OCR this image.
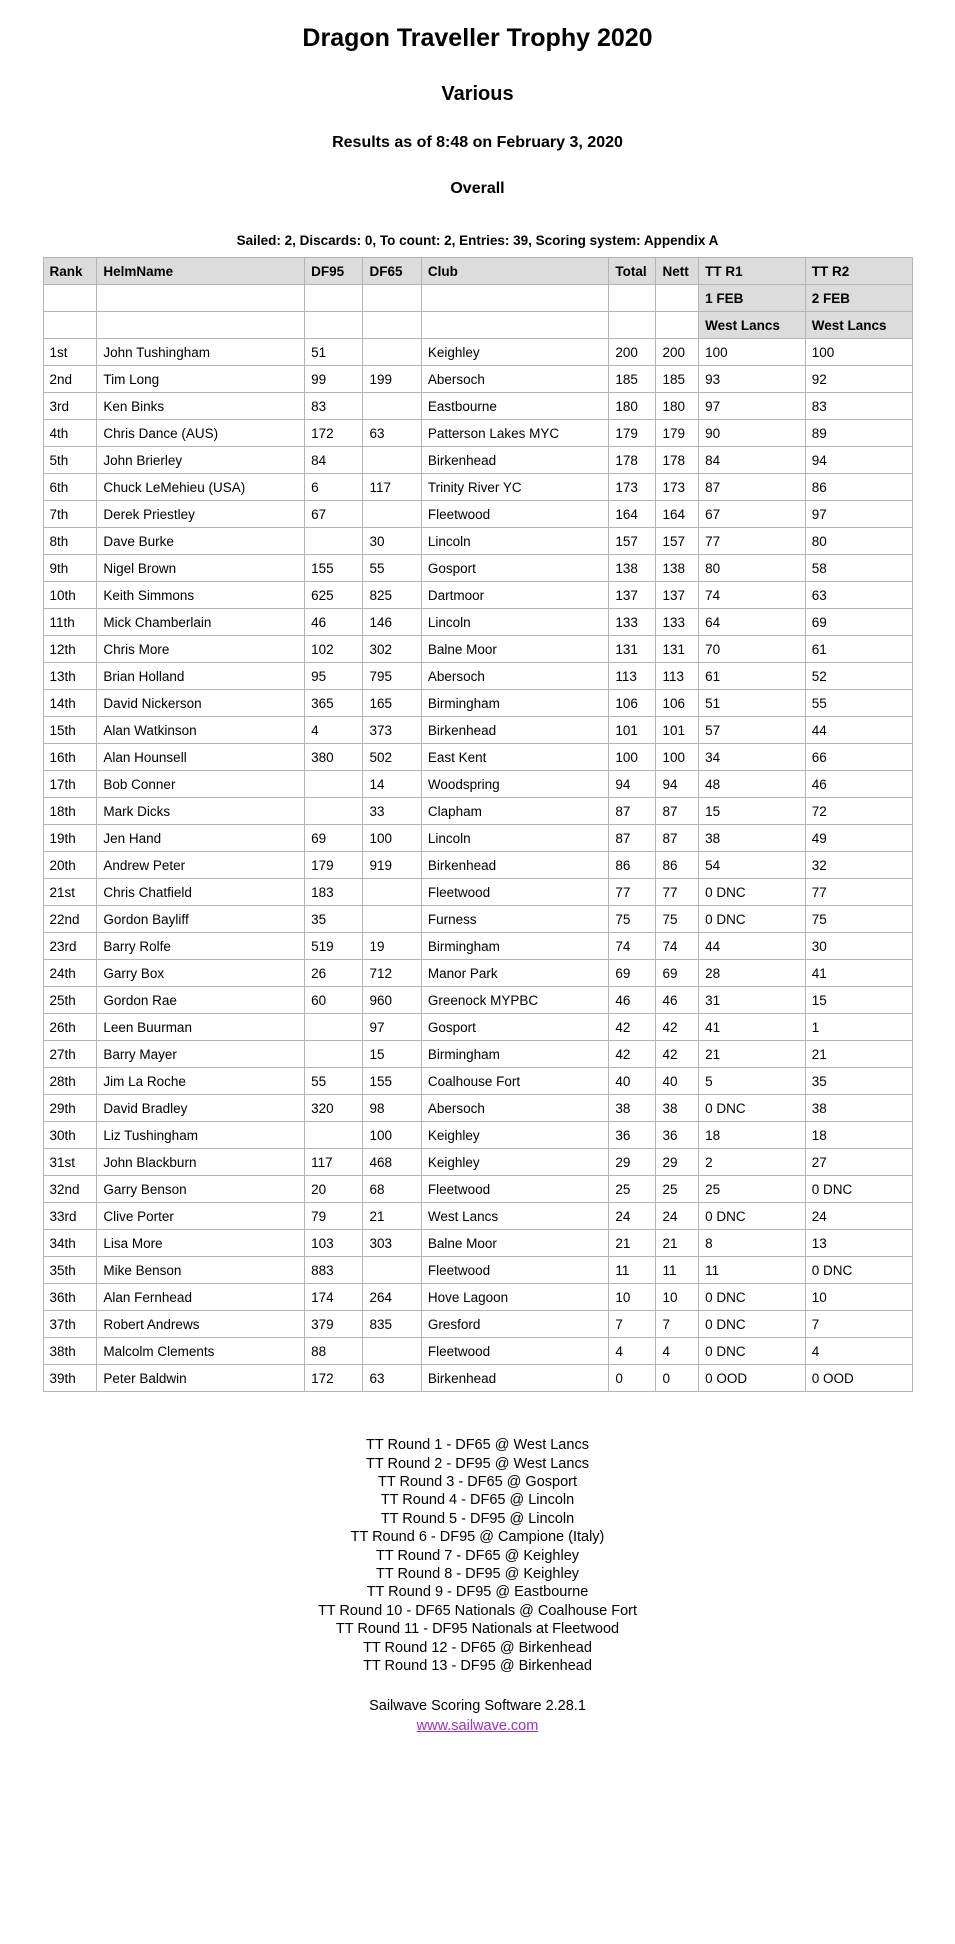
Dragon Traveller Trophy 2020
Various
Results as of 8:48 on February 3, 2020
Overall
Sailed: 2, Discards: 0, To count: 2, Entries: 39, Scoring system: Appendix A
Rank	HelmName	DF95	DF65	Club	Total	Nett	TT R1	TT R2
							1 FEB	2 FEB
							West Lancs	West Lancs
1st	John Tushingham	51		Keighley	200	200	100	100
2nd	Tim Long	99	199	Abersoch	185	185	93	92
3rd	Ken Binks	83		Eastbourne	180	180	97	83
4th	Chris Dance (AUS)	172	63	Patterson Lakes MYC	179	179	90	89
5th	John Brierley	84		Birkenhead	178	178	84	94
6th	Chuck LeMehieu (USA)	6	117	Trinity River YC	173	173	87	86
7th	Derek Priestley	67		Fleetwood	164	164	67	97
8th	Dave Burke		30	Lincoln	157	157	77	80
9th	Nigel Brown	155	55	Gosport	138	138	80	58
10th	Keith Simmons	625	825	Dartmoor	137	137	74	63
11th	Mick Chamberlain	46	146	Lincoln	133	133	64	69
12th	Chris More	102	302	Balne Moor	131	131	70	61
13th	Brian Holland	95	795	Abersoch	113	113	61	52
14th	David Nickerson	365	165	Birmingham	106	106	51	55
15th	Alan Watkinson	4	373	Birkenhead	101	101	57	44
16th	Alan Hounsell	380	502	East Kent	100	100	34	66
17th	Bob Conner		14	Woodspring	94	94	48	46
18th	Mark Dicks		33	Clapham	87	87	15	72
19th	Jen Hand	69	100	Lincoln	87	87	38	49
20th	Andrew Peter	179	919	Birkenhead	86	86	54	32
21st	Chris Chatfield	183		Fleetwood	77	77	0 DNC	77
22nd	Gordon Bayliff	35		Furness	75	75	0 DNC	75
23rd	Barry Rolfe	519	19	Birmingham	74	74	44	30
24th	Garry Box	26	712	Manor Park	69	69	28	41
25th	Gordon Rae	60	960	Greenock MYPBC	46	46	31	15
26th	Leen Buurman		97	Gosport	42	42	41	1
27th	Barry Mayer		15	Birmingham	42	42	21	21
28th	Jim La Roche	55	155	Coalhouse Fort	40	40	5	35
29th	David Bradley	320	98	Abersoch	38	38	0 DNC	38
30th	Liz Tushingham		100	Keighley	36	36	18	18
31st	John Blackburn	117	468	Keighley	29	29	2	27
32nd	Garry Benson	20	68	Fleetwood	25	25	25	0 DNC
33rd	Clive Porter	79	21	West Lancs	24	24	0 DNC	24
34th	Lisa More	103	303	Balne Moor	21	21	8	13
35th	Mike Benson	883		Fleetwood	11	11	11	0 DNC
36th	Alan Fernhead	174	264	Hove Lagoon	10	10	0 DNC	10
37th	Robert Andrews	379	835	Gresford	7	7	0 DNC	7
38th	Malcolm Clements	88		Fleetwood	4	4	0 DNC	4
39th	Peter Baldwin	172	63	Birkenhead	0	0	0 OOD	0 OOD
TT Round 1 - DF65 @ West Lancs
TT Round 2 - DF95 @ West Lancs
TT Round 3 - DF65 @ Gosport
TT Round 4 - DF65 @ Lincoln
TT Round 5 - DF95 @ Lincoln
TT Round 6 - DF95 @ Campione (Italy)
TT Round 7 - DF65 @ Keighley
TT Round 8 - DF95 @ Keighley
TT Round 9 - DF95 @ Eastbourne
TT Round 10 - DF65 Nationals @ Coalhouse Fort
TT Round 11 - DF95 Nationals at Fleetwood
TT Round 12 - DF65 @ Birkenhead
TT Round 13 - DF95 @ Birkenhead
Sailwave Scoring Software 2.28.1
www.sailwave.com
